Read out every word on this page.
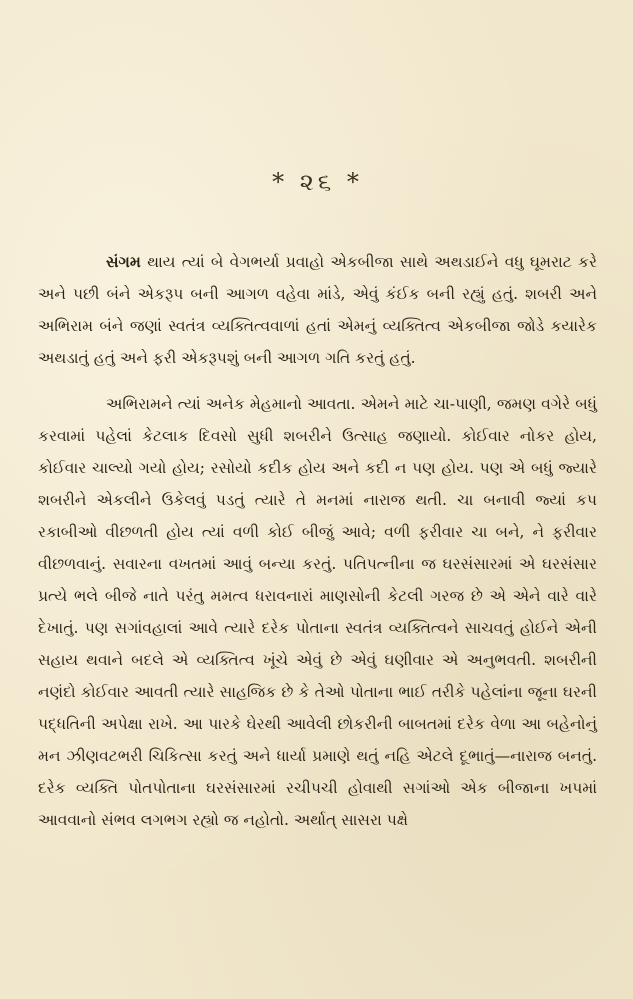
* ૨૬ *

સંગમ થાય ત્યાં બે વેગભર્યા પ્રવાહો એકબીજા સાથે અથડાઈને વધુ ઘૂમરાટ કરે અને પછી બંને એકરૂપ બની આગળ વહેવા માંડે, એવું કંઈક બની રહ્યું હતું. શબરી અને અભિરામ બંને જણાં સ્વતંત્ર વ્યક્તિત્વવાળાં હતાં એમનું વ્યક્તિત્વ એકબીજા જોડે કયારેક અથડાતું હતું અને ફરી એકરૂપશું બની આગળ ગતિ કરતું હતું.

અભિરામને ત્યાં અનેક મેહમાનો આવતા. એમને માટે ચા-પાણી, જમણ વગેરે બધું કરવામાં પહેલાં કેટલાક દિવસો સુધી શબરીને ઉત્સાહ જણાયો. કોઈવાર નોકર હોય, કોઈવાર ચાલ્યો ગયો હોય; રસોયો કદીક હોય અને કદી ન પણ હોય. પણ એ બધું જ્યારે શબરીને એકલીને ઉકેલવું પડતું ત્યારે તે મનમાં નારાજ થતી. ચા બનાવી જ્યાં કપ રકાબીઓ વીછળતી હોય ત્યાં વળી કોઈ બીજું આવે; વળી ફરીવાર ચા બને, ને ફરીવાર વીછળવાનું. સવારના વખતમાં આવું બન્યા કરતું. પતિપત્નીના જ ઘરસંસારમાં એ ઘરસંસાર પ્રત્યે ભલે બીજે નાતે પરંતુ મમત્વ ધરાવનારાં માણસોની કેટલી ગરજ છે એ એને વારે વારે દેખાતું. પણ સગાંવહાલાં આવે ત્યારે દરેક પોતાના સ્વતંત્ર વ્યક્તિત્વને સાચવતું હોઈને એની સહાય થવાને બદલે એ વ્યક્તિત્વ ખૂંચે એવું છે એવું ઘણીવાર એ અનુભવતી. શબરીની નણંદો કોઈવાર આવતી ત્યારે સાહજિક છે કે તેઓ પોતાના ભાઈ તરીકે પહેલાંના જૂના ઘરની પદ્ધતિની અપેક્ષા રાખે. આ પારકે ઘેરથી આવેલી છોકરીની બાબતમાં દરેક વેળા આ બહેનોનું મન ઝીણવટભરી ચિકિત્સા કરતું અને ધાર્યા પ્રમાણે થતું નહિ એટલે દૂભાતું—નારાજ બનતું. દરેક વ્યક્તિ પોતપોતાના ઘરસંસારમાં રચીપચી હોવાથી સગાંઓ એક બીજાના ખપમાં આવવાનો સંભવ લગભગ રહ્યો જ નહોતો. અર્થાત્ સાસરા પક્ષે
